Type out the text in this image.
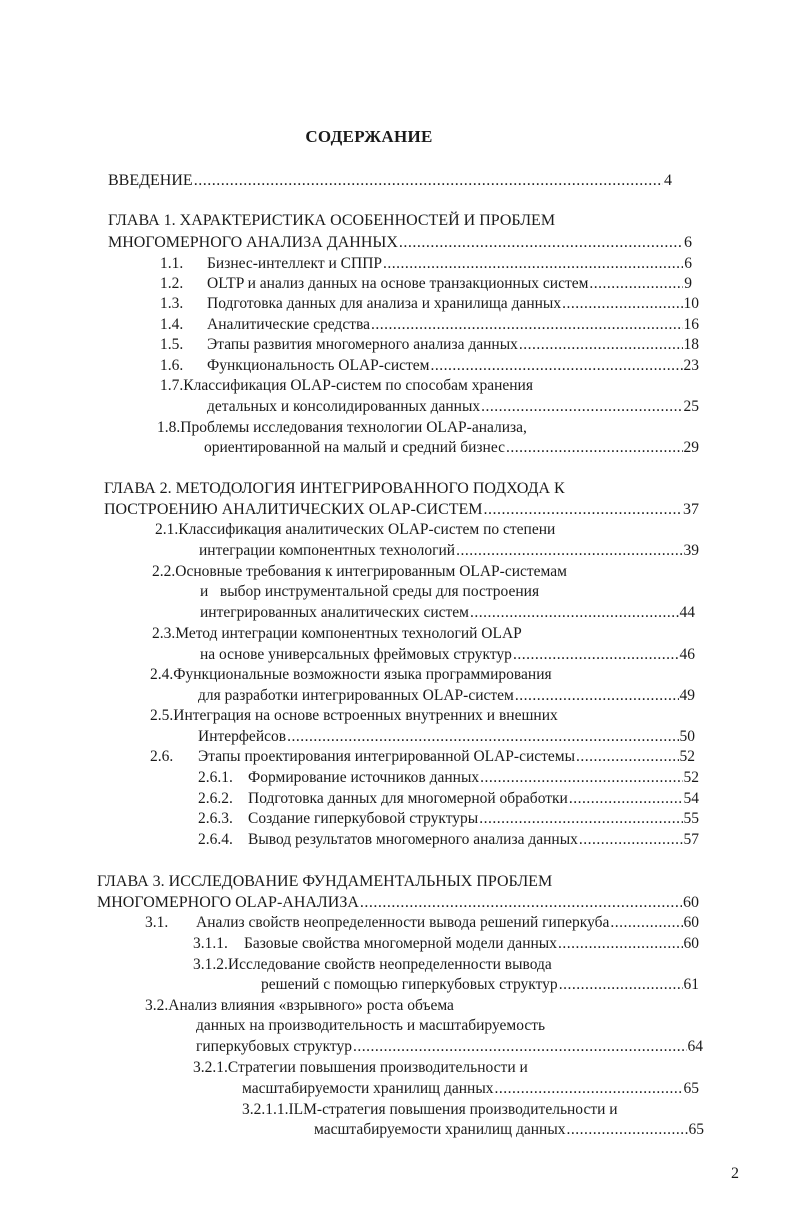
СОДЕРЖАНИЕ
ВВЕДЕНИЕ .....	4
ГЛАВА 1. ХАРАКТЕРИСТИКА ОСОБЕННОСТЕЙ И ПРОБЛЕМ
МНОГОМЕРНОГО АНАЛИЗА ДАННЫХ .....	6
1.1.	Бизнес-интеллект и СППР .....	6
1.2.	OLTP и анализ данных на основе транзакционных систем .....	9
1.3.	Подготовка данных для анализа и хранилища данных .....	10
1.4.	Аналитические средства .....	16
1.5.	Этапы развития многомерного анализа данных .....	18
1.6.	Функциональность OLAP-систем .....	23
1.7.Классификация OLAP-систем по способам хранения
детальных и консолидированных данных .....	25
1.8.Проблемы исследования технологии OLAP-анализа,
ориентированной на малый и средний бизнес .....	29
ГЛАВА 2. МЕТОДОЛОГИЯ ИНТЕГРИРОВАННОГО ПОДХОДА К
ПОСТРОЕНИЮ АНАЛИТИЧЕСКИХ OLAP-СИСТЕМ .....	37
2.1.Классификация аналитических OLAP-систем по степени
интеграции компонентных технологий .....	39
2.2.Основные требования к интегрированным OLAP-системам
и   выбор инструментальной среды для построения
интегрированных аналитических систем .....	44
2.3.Метод интеграции компонентных технологий OLAP
на основе универсальных фреймовых структур .....	46
2.4.Функциональные возможности языка программирования
для разработки интегрированных OLAP-систем .....	49
2.5.Интеграция на основе встроенных внутренних и внешних
Интерфейсов .....	50
2.6.	Этапы проектирования интегрированной OLAP-системы .....	52
2.6.1. Формирование источников данных .....	52
2.6.2. Подготовка данных для многомерной обработки .....	54
2.6.3. Создание гиперкубовой структуры .....	55
2.6.4. Вывод результатов многомерного анализа данных .....	57
ГЛАВА 3. ИССЛЕДОВАНИЕ ФУНДАМЕНТАЛЬНЫХ ПРОБЛЕМ
МНОГОМЕРНОГО OLAP-АНАЛИЗА .....	60
3.1.	Анализ свойств неопределенности вывода решений гиперкуба .....	60
3.1.1.	Базовые свойства многомерной модели данных .....	60
3.1.2.Исследование свойств неопределенности вывода
решений с помощью гиперкубовых структур .....	61
3.2.Анализ влияния «взрывного» роста объема
данных на производительность и масштабируемость
гиперкубовых структур .....	64
3.2.1.Стратегии повышения производительности и
масштабируемости хранилищ данных .....	65
3.2.1.1.ILM-стратегия повышения производительности и
масштабируемости хранилищ данных .....	65
2
